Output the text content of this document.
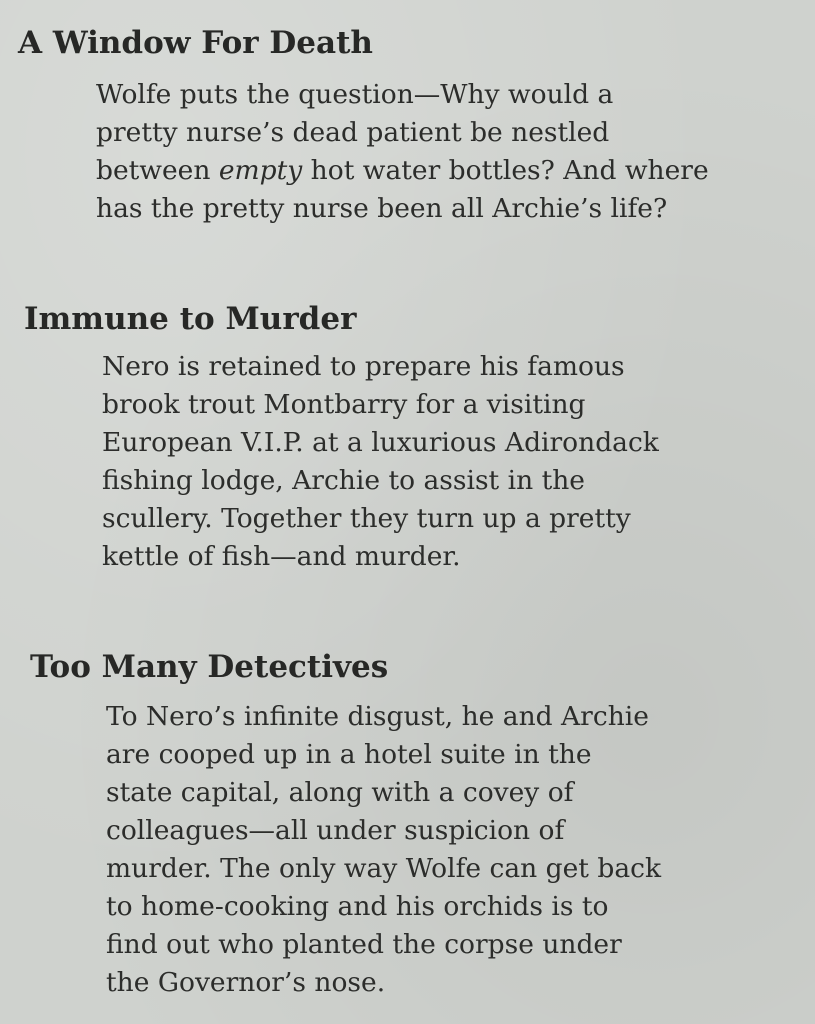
A Window For Death

Wolfe puts the question—Why would a
pretty nurse’s dead patient be nestled
between empty hot water bottles? And where
has the pretty nurse been all Archie’s life?

Immune to Murder

Nero is retained to prepare his famous
brook trout Montbarry for a visiting
European V.I.P. at a luxurious Adirondack
fishing lodge, Archie to assist in the
scullery. Together they turn up a pretty
kettle of fish—and murder.

Too Many Detectives

To Nero’s infinite disgust, he and Archie
are cooped up in a hotel suite in the
state capital, along with a covey of
colleagues—all under suspicion of
murder. The only way Wolfe can get back
to home-cooking and his orchids is to
find out who planted the corpse under
the Governor’s nose.
